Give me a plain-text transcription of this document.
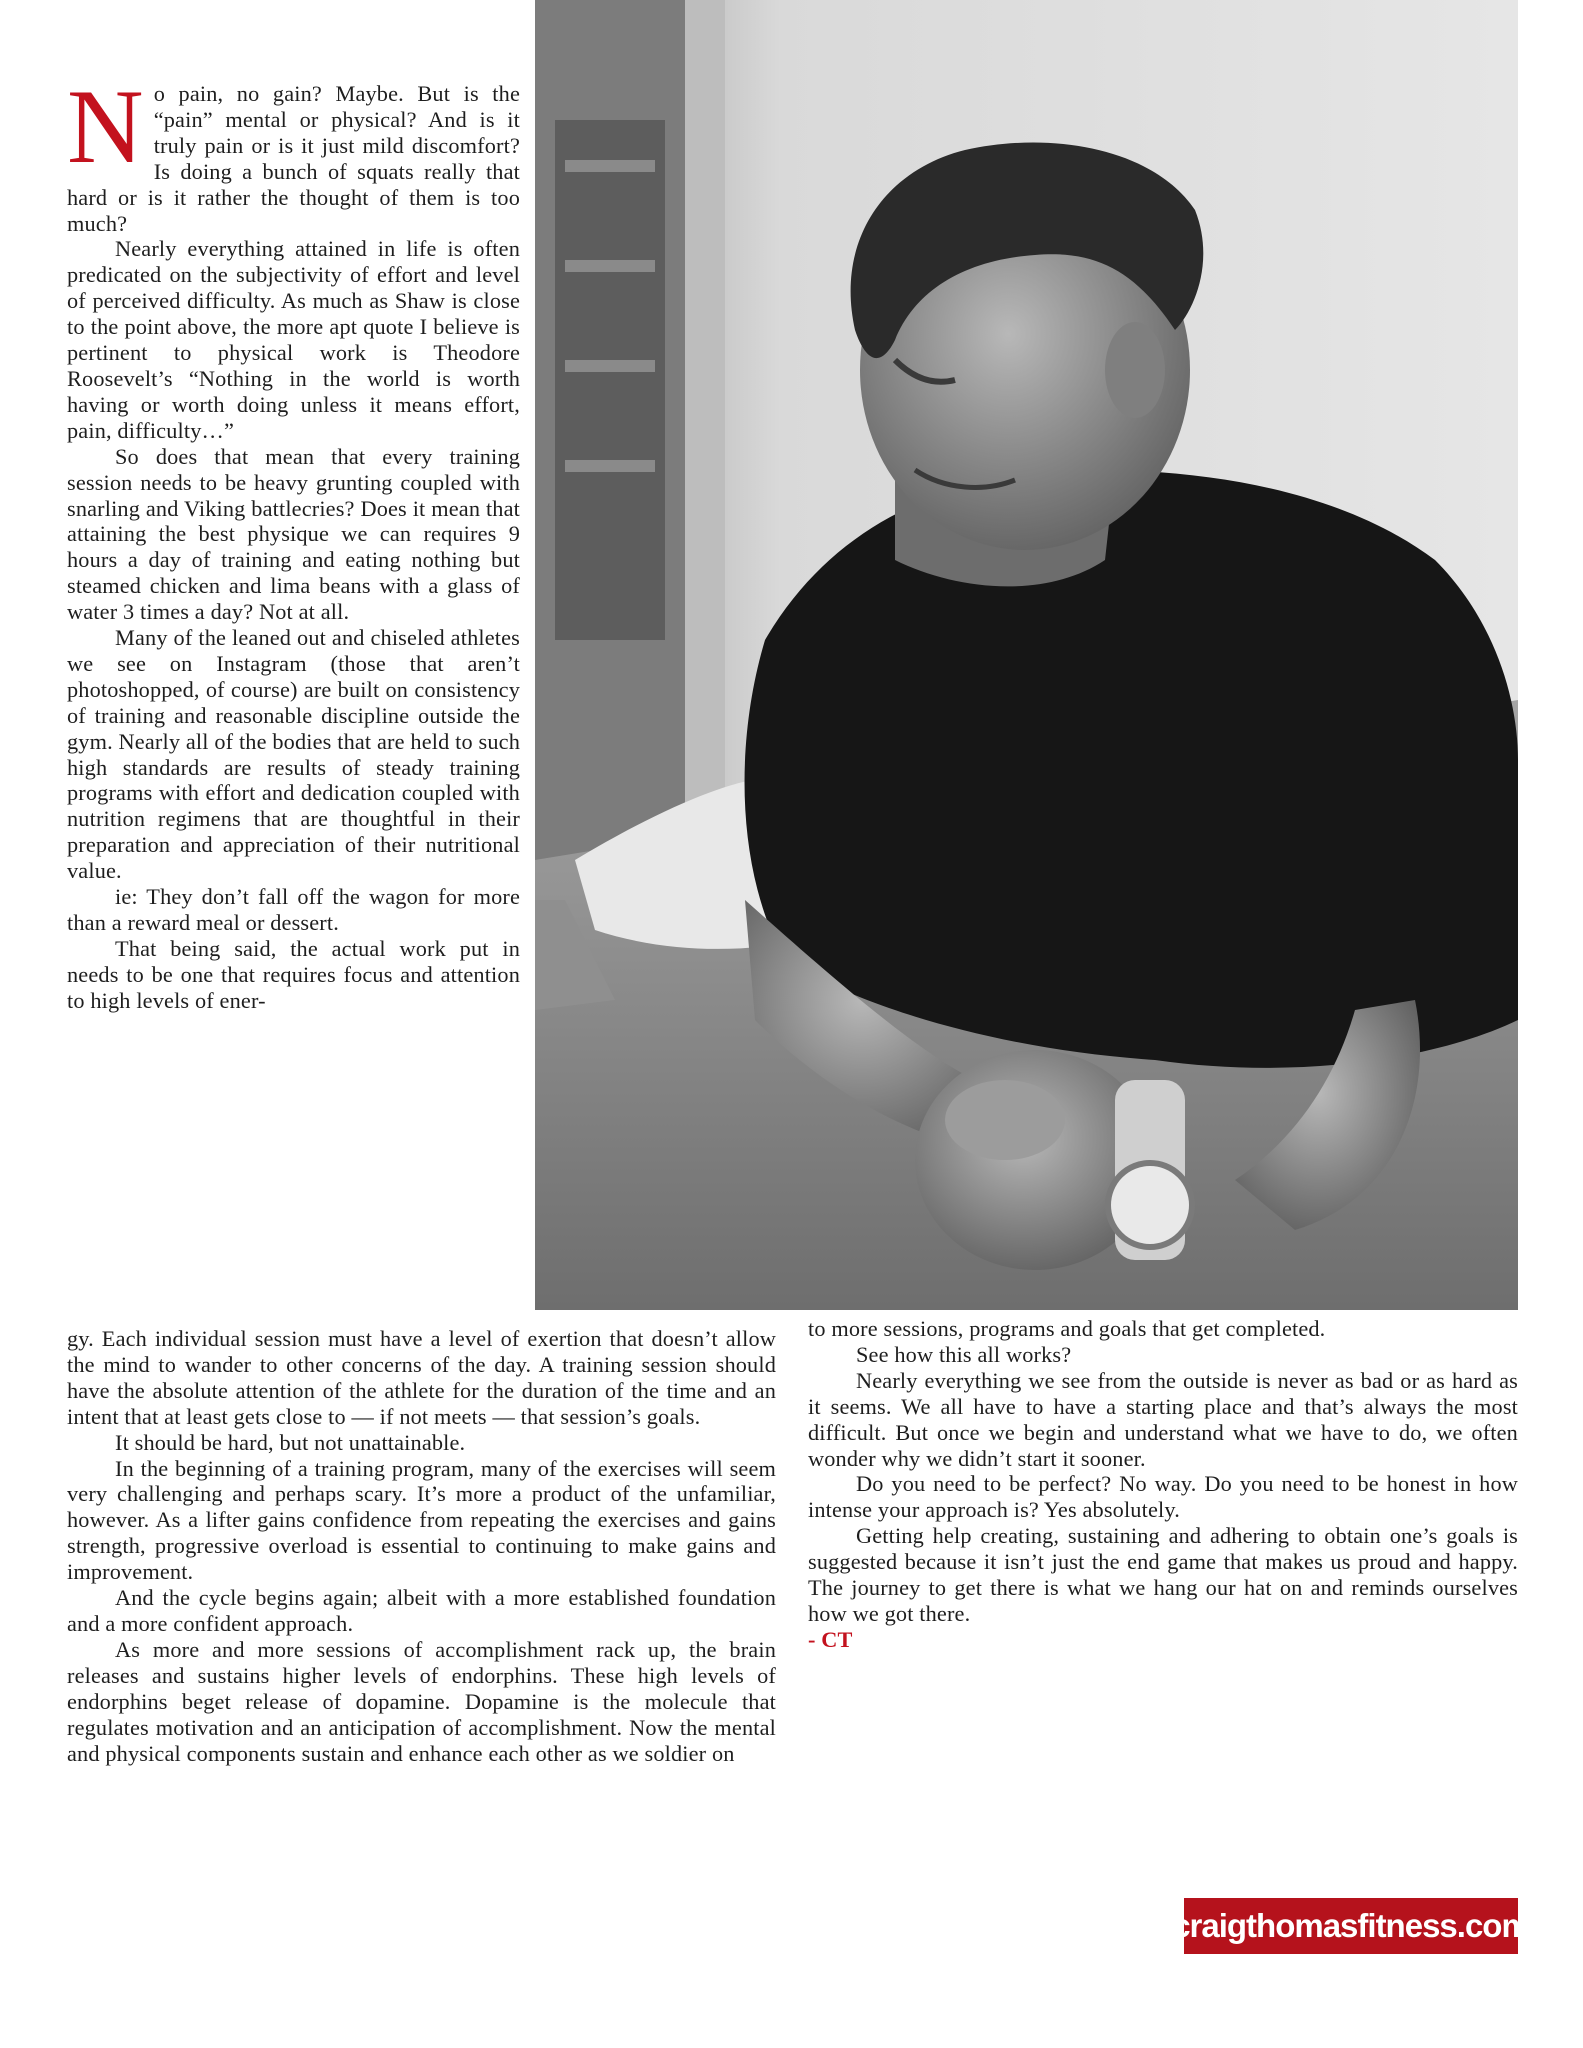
No pain, no gain? Maybe. But is the “pain” mental or physical? And is it truly pain or is it just mild discomfort? Is doing a bunch of squats really that hard or is it rather the thought of them is too much?

Nearly everything attained in life is often predicated on the subjectivity of effort and level of perceived difficulty. As much as Shaw is close to the point above, the more apt quote I believe is pertinent to physical work is Theodore Roosevelt’s “Nothing in the world is worth having or worth doing unless it means effort, pain, difficulty…”

So does that mean that every training session needs to be heavy grunting coupled with snarling and Viking battlecries? Does it mean that attaining the best physique we can requires 9 hours a day of training and eating nothing but steamed chicken and lima beans with a glass of water 3 times a day? Not at all.

Many of the leaned out and chiseled athletes we see on Instagram (those that aren’t photoshopped, of course) are built on consistency of training and reasonable discipline outside the gym. Nearly all of the bodies that are held to such high standards are results of steady training programs with effort and dedication coupled with nutrition regimens that are thoughtful in their preparation and appreciation of their nutritional value.

ie: They don’t fall off the wagon for more than a reward meal or dessert.

That being said, the actual work put in needs to be one that requires focus and attention to high levels of ener-

gy. Each individual session must have a level of exertion that doesn’t allow the mind to wander to other concerns of the day. A training session should have the absolute attention of the athlete for the duration of the time and an intent that at least gets close to — if not meets — that session’s goals.

It should be hard, but not unattainable.

In the beginning of a training program, many of the exercises will seem very challenging and perhaps scary. It’s more a product of the unfamiliar, however. As a lifter gains confidence from repeating the exercises and gains strength, progressive overload is essential to continuing to make gains and improvement.

And the cycle begins again; albeit with a more established foundation and a more confident approach.

As more and more sessions of accomplishment rack up, the brain releases and sustains higher levels of endorphins. These high levels of endorphins beget release of dopamine. Dopamine is the molecule that regulates motivation and an anticipation of accomplishment. Now the mental and physical components sustain and enhance each other as we soldier on

to more sessions, programs and goals that get completed.

See how this all works?

Nearly everything we see from the outside is never as bad or as hard as it seems. We all have to have a starting place and that’s always the most difficult. But once we begin and understand what we have to do, we often wonder why we didn’t start it sooner.

Do you need to be perfect? No way. Do you need to be honest in how intense your approach is? Yes absolutely.

Getting help creating, sustaining and adhering to obtain one’s goals is suggested because it isn’t just the end game that makes us proud and happy. The journey to get there is what we hang our hat on and reminds ourselves how we got there.

- CT

craigthomasfitness.com
